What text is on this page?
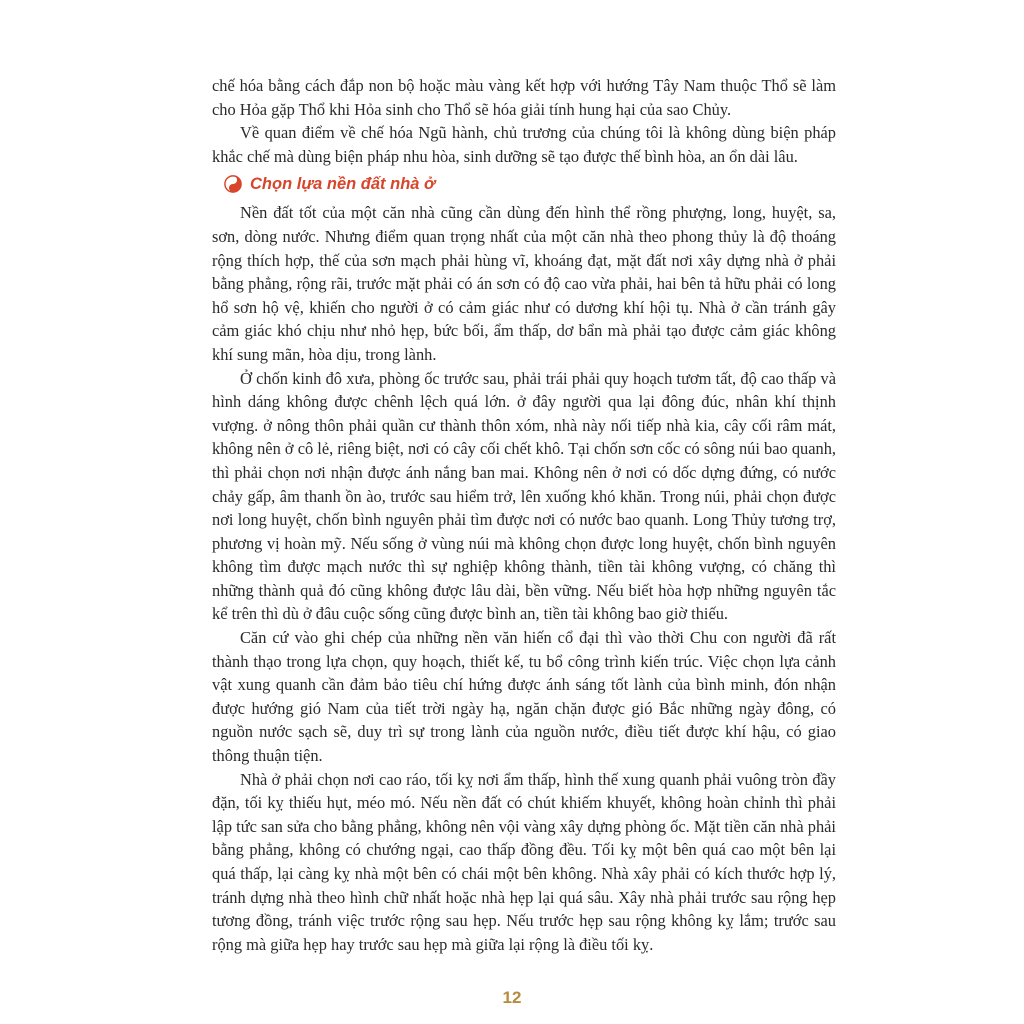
chế hóa bằng cách đắp non bộ hoặc màu vàng kết hợp với hướng Tây Nam thuộc Thổ sẽ làm cho Hỏa gặp Thổ khi Hỏa sinh cho Thổ sẽ hóa giải tính hung hại của sao Chủy.

Về quan điểm về chế hóa Ngũ hành, chủ trương của chúng tôi là không dùng biện pháp khắc chế mà dùng biện pháp nhu hòa, sinh dưỡng sẽ tạo được thế bình hòa, an ổn dài lâu.

Chọn lựa nền đất nhà ở

Nền đất tốt của một căn nhà cũng cần dùng đến hình thể rồng phượng, long, huyệt, sa, sơn, dòng nước. Nhưng điểm quan trọng nhất của một căn nhà theo phong thủy là độ thoáng rộng thích hợp, thế của sơn mạch phải hùng vĩ, khoáng đạt, mặt đất nơi xây dựng nhà ở phải bằng phẳng, rộng rãi, trước mặt phải có án sơn có độ cao vừa phải, hai bên tả hữu phải có long hổ sơn hộ vệ, khiến cho người ở có cảm giác như có dương khí hội tụ. Nhà ở cần tránh gây cảm giác khó chịu như nhỏ hẹp, bức bối, ẩm thấp, dơ bẩn mà phải tạo được cảm giác không khí sung mãn, hòa dịu, trong lành.

Ở chốn kinh đô xưa, phòng ốc trước sau, phải trái phải quy hoạch tươm tất, độ cao thấp và hình dáng không được chênh lệch quá lớn. ở đây người qua lại đông đúc, nhân khí thịnh vượng. ở nông thôn phải quần cư thành thôn xóm, nhà này nối tiếp nhà kia, cây cối râm mát, không nên ở cô lẻ, riêng biệt, nơi có cây cối chết khô. Tại chốn sơn cốc có sông núi bao quanh, thì phải chọn nơi nhận được ánh nắng ban mai. Không nên ở nơi có dốc dựng đứng, có nước chảy gấp, âm thanh ồn ào, trước sau hiểm trở, lên xuống khó khăn. Trong núi, phải chọn được nơi long huyệt, chốn bình nguyên phải tìm được nơi có nước bao quanh. Long Thủy tương trợ, phương vị hoàn mỹ. Nếu sống ở vùng núi mà không chọn được long huyệt, chốn bình nguyên không tìm được mạch nước thì sự nghiệp không thành, tiền tài không vượng, có chăng thì những thành quả đó cũng không được lâu dài, bền vững. Nếu biết hòa hợp những nguyên tắc kể trên thì dù ở đâu cuộc sống cũng được bình an, tiền tài không bao giờ thiếu.

Căn cứ vào ghi chép của những nền văn hiến cổ đại thì vào thời Chu con người đã rất thành thạo trong lựa chọn, quy hoạch, thiết kế, tu bổ công trình kiến trúc. Việc chọn lựa cảnh vật xung quanh cần đảm bảo tiêu chí hứng được ánh sáng tốt lành của bình minh, đón nhận được hướng gió Nam của tiết trời ngày hạ, ngăn chặn được gió Bắc những ngày đông, có nguồn nước sạch sẽ, duy trì sự trong lành của nguồn nước, điều tiết được khí hậu, có giao thông thuận tiện.

Nhà ở phải chọn nơi cao ráo, tối kỵ nơi ẩm thấp, hình thế xung quanh phải vuông tròn đầy đặn, tối kỵ thiếu hụt, méo mó. Nếu nền đất có chút khiếm khuyết, không hoàn chỉnh thì phải lập tức san sửa cho bằng phẳng, không nên vội vàng xây dựng phòng ốc. Mặt tiền căn nhà phải bằng phẳng, không có chướng ngại, cao thấp đồng đều. Tối kỵ một bên quá cao một bên lại quá thấp, lại càng kỵ nhà một bên có chái một bên không. Nhà xây phải có kích thước hợp lý, tránh dựng nhà theo hình chữ nhất hoặc nhà hẹp lại quá sâu. Xây nhà phải trước sau rộng hẹp tương đồng, tránh việc trước rộng sau hẹp. Nếu trước hẹp sau rộng không kỵ lắm; trước sau rộng mà giữa hẹp hay trước sau hẹp mà giữa lại rộng là điều tối kỵ.

12
